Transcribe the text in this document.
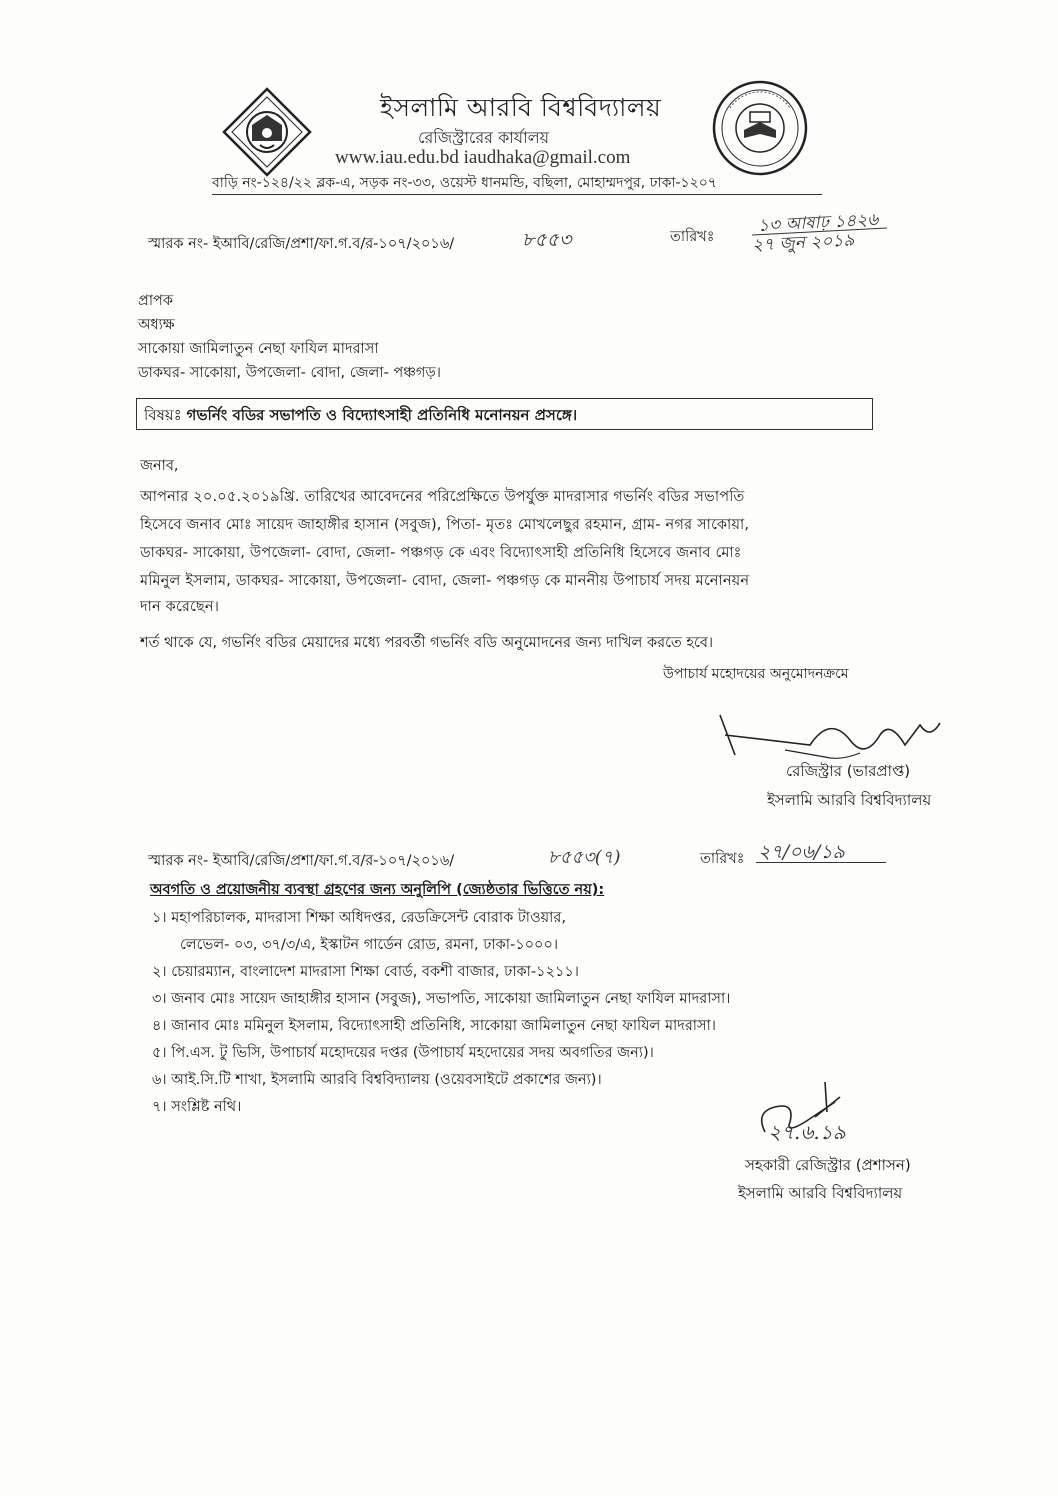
ইসলামি আরবি বিশ্ববিদ্যালয়
রেজিস্ট্রারের কার্যালয়
www.iau.edu.bd iaudhaka@gmail.com
বাড়ি নং-১২৪/২২ ব্লক-এ, সড়ক নং-৩৩, ওয়েস্ট ধানমন্ডি, বছিলা, মোহাম্মদপুর, ঢাকা-১২০৭
স্মারক নং- ইআবি/রেজি/প্রশা/ফা.গ.ব/র-১০৭/২০১৬/	৮৫৫৩	তারিখঃ
১৩ আষাঢ় ১৪২৬
২৭ জুন ২০১৯
প্রাপক
অধ্যক্ষ
সাকোয়া জামিলাতুন নেছা ফাযিল মাদরাসা
ডাকঘর- সাকোয়া, উপজেলা- বোদা, জেলা- পঞ্চগড়।
বিষয়ঃ গভর্নিং বডির সভাপতি ও বিদ্যোৎসাহী প্রতিনিধি মনোনয়ন প্রসঙ্গে।
জনাব,
আপনার ২০.০৫.২০১৯খ্রি. তারিখের আবেদনের পরিপ্রেক্ষিতে উপর্যুক্ত মাদরাসার গভর্নিং বডির সভাপতি
হিসেবে জনাব মোঃ সায়েদ জাহাঙ্গীর হাসান (সবুজ), পিতা- মৃতঃ মোখলেছুর রহমান, গ্রাম- নগর সাকোয়া,
ডাকঘর- সাকোয়া, উপজেলা- বোদা, জেলা- পঞ্চগড় কে এবং বিদ্যোৎসাহী প্রতিনিধি হিসেবে জনাব মোঃ
মমিনুল ইসলাম, ডাকঘর- সাকোয়া, উপজেলা- বোদা, জেলা- পঞ্চগড় কে মাননীয় উপাচার্য সদয় মনোনয়ন
দান করেছেন।
শর্ত থাকে যে, গভর্নিং বডির মেয়াদের মধ্যে পরবর্তী গভর্নিং বডি অনুমোদনের জন্য দাখিল করতে হবে।
উপাচার্য মহোদয়ের অনুমোদনক্রমে
রেজিস্ট্রার (ভারপ্রাপ্ত)
ইসলামি আরবি বিশ্ববিদ্যালয়
স্মারক নং- ইআবি/রেজি/প্রশা/ফা.গ.ব/র-১০৭/২০১৬/	৮৫৫৩(৭)	তারিখঃ ২৭/০৬/১৯
অবগতি ও প্রয়োজনীয় ব্যবস্থা গ্রহণের জন্য অনুলিপি (জ্যেষ্ঠতার ভিত্তিতে নয়):
১। মহাপরিচালক, মাদরাসা শিক্ষা অধিদপ্তর, রেডক্রিসেন্ট বোরাক টাওয়ার,
লেভেল- ০৩, ৩৭/৩/এ, ইস্কাটন গার্ডেন রোড, রমনা, ঢাকা-১০০০।
২। চেয়ারম্যান, বাংলাদেশ মাদরাসা শিক্ষা বোর্ড, বকশী বাজার, ঢাকা-১২১১।
৩। জনাব মোঃ সায়েদ জাহাঙ্গীর হাসান (সবুজ), সভাপতি, সাকোয়া জামিলাতুন নেছা ফাযিল মাদরাসা।
৪। জানাব মোঃ মমিনুল ইসলাম, বিদ্যোৎসাহী প্রতিনিধি, সাকোয়া জামিলাতুন নেছা ফাযিল মাদরাসা।
৫। পি.এস. টু ভিসি, উপাচার্য মহোদয়ের দপ্তর (উপাচার্য মহদোয়ের সদয় অবগতির জন্য)।
৬। আই.সি.টি শাখা, ইসলামি আরবি বিশ্ববিদ্যালয় (ওয়েবসাইটে প্রকাশের জন্য)।
৭। সংশ্লিষ্ট নথি।
২৭.৬.১৯
সহকারী রেজিস্ট্রার (প্রশাসন)
ইসলামি আরবি বিশ্ববিদ্যালয়
